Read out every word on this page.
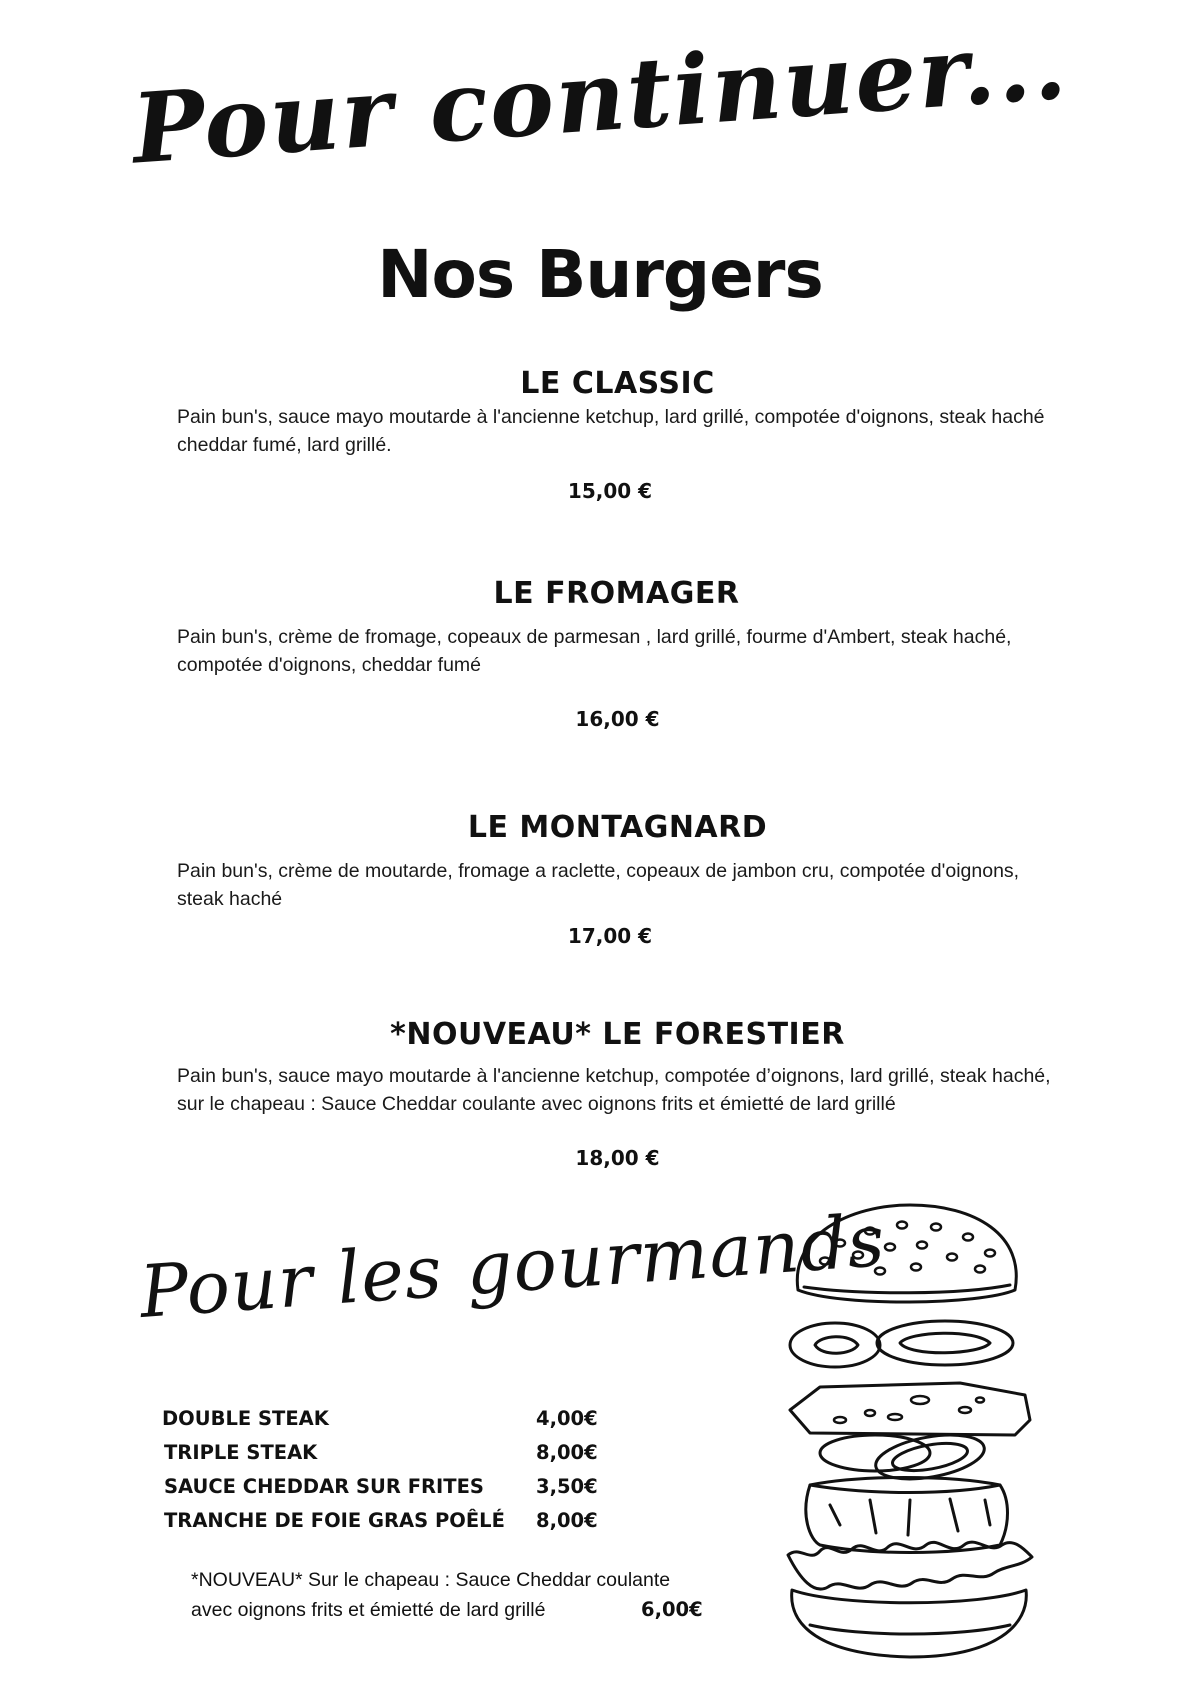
Pour continuer...
Nos Burgers
LE CLASSIC
Pain bun's, sauce mayo moutarde à l'ancienne ketchup, lard grillé, compotée d'oignons, steak haché cheddar fumé, lard grillé.
15,00 €
LE FROMAGER
Pain bun's, crème de fromage, copeaux de parmesan , lard grillé, fourme d'Ambert, steak haché, compotée d'oignons, cheddar fumé
16,00 €
LE MONTAGNARD
Pain bun's, crème de moutarde, fromage a raclette, copeaux de jambon cru, compotée d'oignons, steak haché
17,00 €
*NOUVEAU* LE FORESTIER
Pain bun's, sauce mayo moutarde à l'ancienne ketchup, compotée d’oignons, lard grillé, steak haché, sur le chapeau : Sauce Cheddar coulante avec oignons frits et émietté de lard grillé
18,00 €
Pour les gourmands
DOUBLE STEAK	4,00€
TRIPLE STEAK	8,00€
SAUCE CHEDDAR SUR FRITES	3,50€
TRANCHE DE FOIE GRAS POÊLÉ 8,00€
*NOUVEAU* Sur le chapeau : Sauce Cheddar coulante
avec oignons frits et émietté de lard grillé	6,00€
